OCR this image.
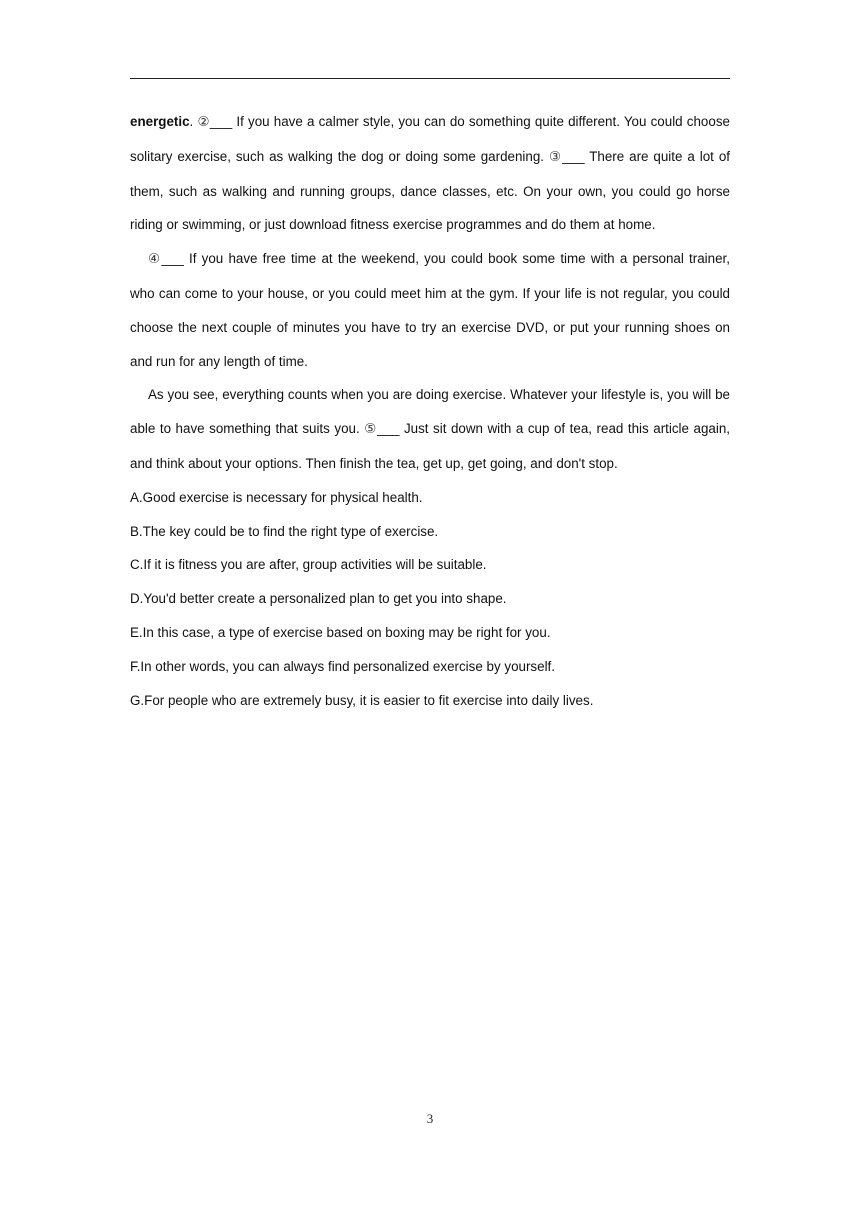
energetic. ②___ If you have a calmer style, you can do something quite different. You could choose solitary exercise, such as walking the dog or doing some gardening. ③___ There are quite a lot of them, such as walking and running groups, dance classes, etc. On your own, you could go horse riding or swimming, or just download fitness exercise programmes and do them at home.

④___ If you have free time at the weekend, you could book some time with a personal trainer, who can come to your house, or you could meet him at the gym. If your life is not regular, you could choose the next couple of minutes you have to try an exercise DVD, or put your running shoes on and run for any length of time.

As you see, everything counts when you are doing exercise. Whatever your lifestyle is, you will be able to have something that suits you. ⑤___ Just sit down with a cup of tea, read this article again, and think about your options. Then finish the tea, get up, get going, and don't stop.

A.Good exercise is necessary for physical health.

B.The key could be to find the right type of exercise.

C.If it is fitness you are after, group activities will be suitable.

D.You'd better create a personalized plan to get you into shape.

E.In this case, a type of exercise based on boxing may be right for you.

F.In other words, you can always find personalized exercise by yourself.

G.For people who are extremely busy, it is easier to fit exercise into daily lives.

3
